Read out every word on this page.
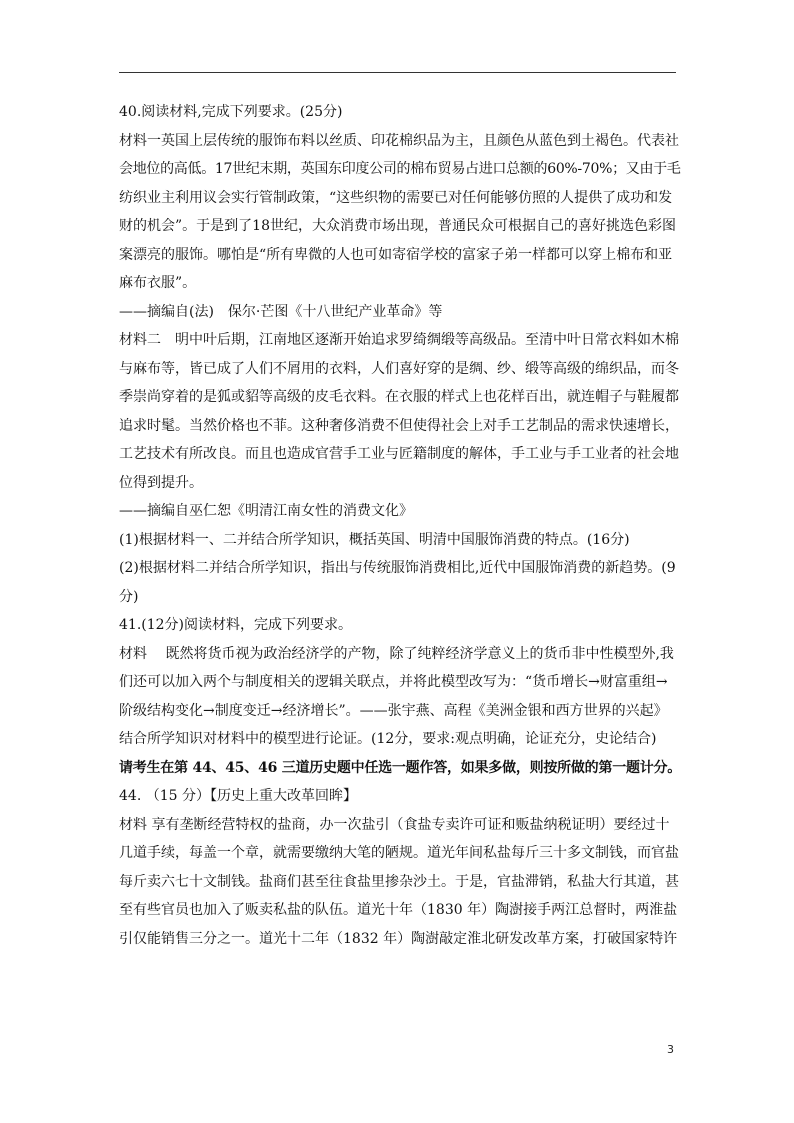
40.阅读材料,完成下列要求。(25分)

材料一英国上层传统的服饰布料以丝质、印花棉织品为主，且颜色从蓝色到土褐色。代表社

会地位的高低。17世纪末期，英国东印度公司的棉布贸易占进口总额的60%-70%；又由于毛

纺织业主利用议会实行管制政策，“这些织物的需要已对任何能够仿照的人提供了成功和发

财的机会”。于是到了18世纪，大众消费市场出现，普通民众可根据自己的喜好挑选色彩图

案漂亮的服饰。哪怕是“所有卑微的人也可如寄宿学校的富家子弟一样都可以穿上棉布和亚

麻布衣服”。

——摘编自(法)　保尔·芒图《十八世纪产业革命》等

材料二　明中叶后期，江南地区逐渐开始追求罗绮绸缎等高级品。至清中叶日常衣料如木棉

与麻布等，皆已成了人们不屑用的衣料，人们喜好穿的是绸、纱、缎等高级的绵织品，而冬

季崇尚穿着的是狐或貂等高级的皮毛衣料。在衣服的样式上也花样百出，就连帽子与鞋履都

追求时髦。当然价格也不菲。这种奢侈消费不但使得社会上对手工艺制品的需求快速增长，

工艺技术有所改良。而且也造成官营手工业与匠籍制度的解体，手工业与手工业者的社会地

位得到提升。

——摘编自巫仁恕《明清江南女性的消费文化》

(1)根据材料一、二并结合所学知识，概括英国、明清中国服饰消费的特点。(16分)

(2)根据材料二并结合所学知识，指出与传统服饰消费相比,近代中国服饰消费的新趋势。(9

分)

41.(12分)阅读材料，完成下列要求。

材料　 既然将货币视为政治经济学的产物，除了纯粹经济学意义上的货币非中性模型外,我

们还可以加入两个与制度相关的逻辑关联点，并将此模型改写为：“货币增长→财富重组→

阶级结构变化→制度变迁→经济增长”。——张宇燕、高程《美洲金银和西方世界的兴起》

结合所学知识对材料中的模型进行论证。(12分，要求:观点明确，论证充分，史论结合)

请考生在第 44、45、46 三道历史题中任选一题作答，如果多做，则按所做的第一题计分。

44. （15 分）【历史上重大改革回眸】

材料 享有垄断经营特权的盐商，办一次盐引（食盐专卖许可证和贩盐纳税证明）要经过十

几道手续，每盖一个章，就需要缴纳大笔的陋规。道光年间私盐每斤三十多文制钱，而官盐

每斤卖六七十文制钱。盐商们甚至往食盐里掺杂沙土。于是，官盐滞销，私盐大行其道，甚

至有些官员也加入了贩卖私盐的队伍。道光十年（1830 年）陶澍接手两江总督时，两淮盐

引仅能销售三分之一。道光十二年（1832 年）陶澍敲定淮北研发改革方案，打破国家特许

3
